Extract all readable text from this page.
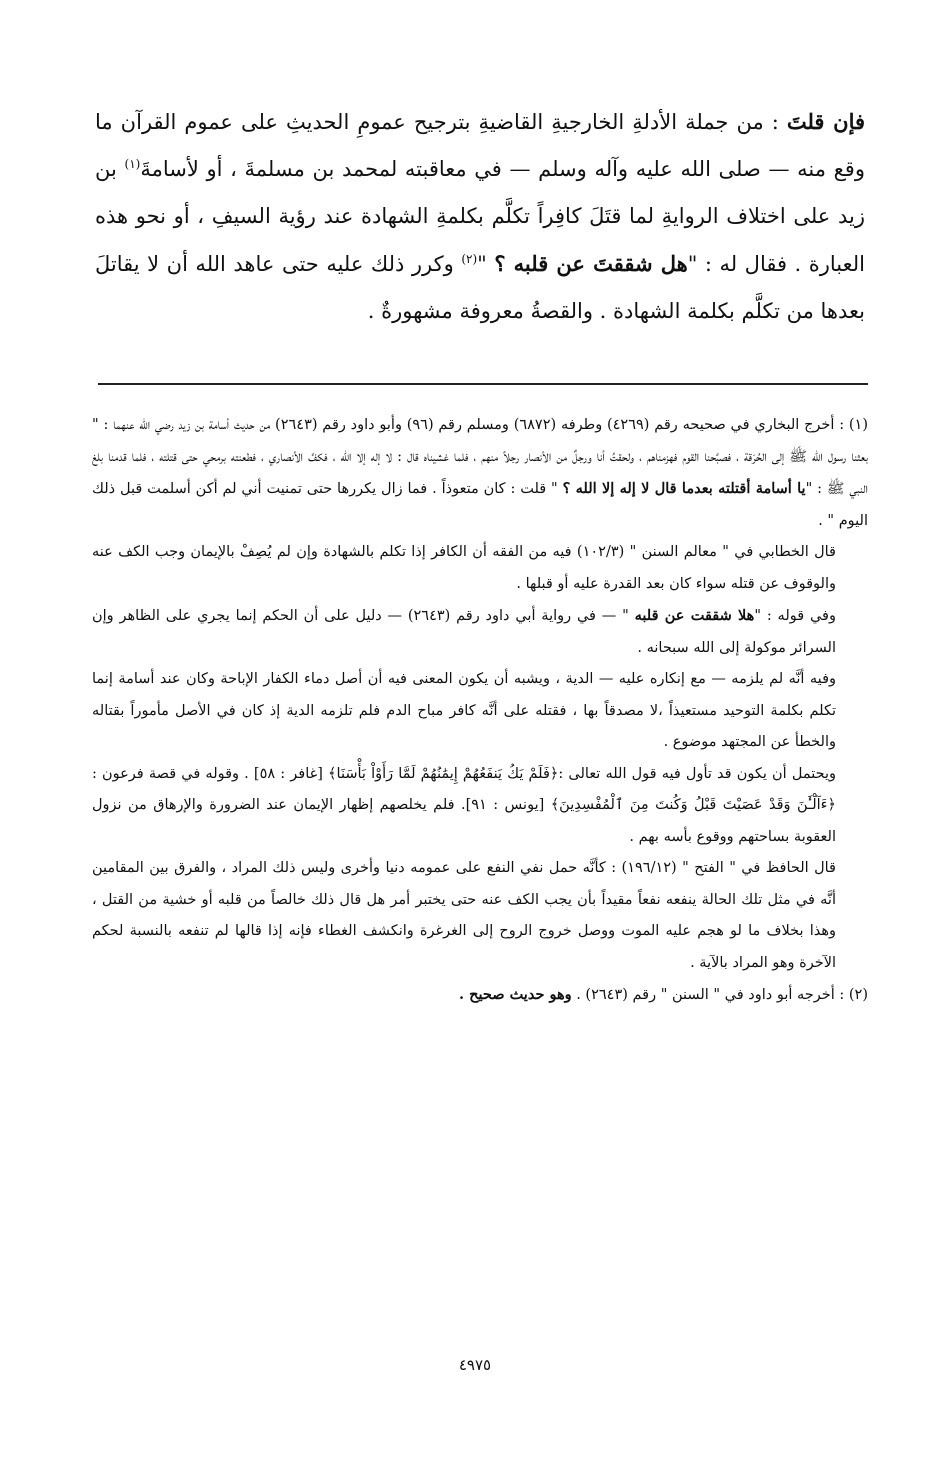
فإن قلتَ : من جملة الأدلةِ الخارجيةِ القاضيةِ بترجيح عمومِ الحديثِ على عموم القرآن ما وقع منه — صلى الله عليه وآله وسلم — في معاقبته لمحمد بن مسلمةَ ، أو لأسامةَ$^{(١)}$ بن زيد على اختلاف الروايةِ لما قتَلَ كافِراً تكلَّم بكلمةِ الشهادة عند رؤية السيفِ ، أو نحو هذه العبارة . فقال له : "هل شققتَ عن قلبه ؟ "$^{(٢)}$ وكرر ذلك عليه حتى عاهد الله أن لا يقاتلَ بعدها من تكلَّم بكلمة الشهادة . والقصةُ معروفة مشهورةٌ .

(١) : أخرج البخاري في صحيحه رقم (٤٢٦٩) وطرفه (٦٨٧٢) ومسلم رقم (٩٦) وأبو داود رقم (٢٦٤٣) من حديث أسامة بن زيد رضي الله عنهما : " بعثنا رسول الله ﷺ إلى الحُرَقة ، فصبَّحنا القوم فهزمناهم ، ولحقتُ أنا ورجلٌ من الأنصار رجلاً منهم ، فلما غشيناه قال : لا إله إلا الله ، فكفَّ الأنصاري ، فطعنته برمحي حتى قتلته ، فلما قدمنا بلغ النبي ﷺ : "يا أسامة أقتلته بعدما قال لا إله إلا الله ؟ " قلت : كان متعوذاً . فما زال يكررها حتى تمنيت أني لم أكن أسلمت قبل ذلك اليوم " .

قال الخطابي في " معالم السنن " (١٠٢/٣) فيه من الفقه أن الكافر إذا تكلم بالشهادة وإن لم يُصِفْ بالإيمان وجب الكف عنه والوقوف عن قتله سواء كان بعد القدرة عليه أو قبلها .

وفي قوله : "هلا شققت عن قلبه " — في رواية أبي داود رقم (٢٦٤٣) — دليل على أن الحكم إنما يجري على الظاهر وإن السرائر موكولة إلى الله سبحانه .

وفيه أنَّه لم يلزمه — مع إنكاره عليه — الدية ، ويشبه أن يكون المعنى فيه أن أصل دماء الكفار الإباحة وكان عند أسامة إنما تكلم بكلمة التوحيد مستعيذاً ،لا مصدقاً بها ، فقتله على أنَّه كافر مباح الدم فلم تلزمه الدية إذ كان في الأصل مأموراً بقتاله والخطأ عن المجتهد موضوع .

ويحتمل أن يكون قد تأول فيه قول الله تعالى :﴿فَلَمْ يَكُ يَنفَعُهُمْ إِيمَٰنُهُمْ لَمَّا رَأَوْاْ بَأْسَنَا﴾ [غافر : ٥٨] . وقوله في قصة فرعون : ﴿ءَآلْـَٰٔنَ وَقَدْ عَصَيْتَ قَبْلُ وَكُنتَ مِنَ ٱلْمُفْسِدِينَ﴾ [يونس : ٩١]. فلم يخلصهم إظهار الإيمان عند الضرورة والإرهاق من نزول العقوبة بساحتهم ووقوع بأسه بهم .

قال الحافظ في " الفتح " (١٩٦/١٢) : كأنَّه حمل نفي النفع على عمومه دنيا وأخرى وليس ذلك المراد ، والفرق بين المقامين أنَّه في مثل تلك الحالة ينفعه نفعاً مقيداً بأن يجب الكف عنه حتى يختبر أمر هل قال ذلك خالصاً من قلبه أو خشية من القتل ، وهذا بخلاف ما لو هجم عليه الموت ووصل خروج الروح إلى الغرغرة وانكشف الغطاء فإنه إذا قالها لم تنفعه بالنسبة لحكم الآخرة وهو المراد بالآية .

(٢) : أخرجه أبو داود في " السنن " رقم (٢٦٤٣) . وهو حديث صحيح .

٤٩٧٥
